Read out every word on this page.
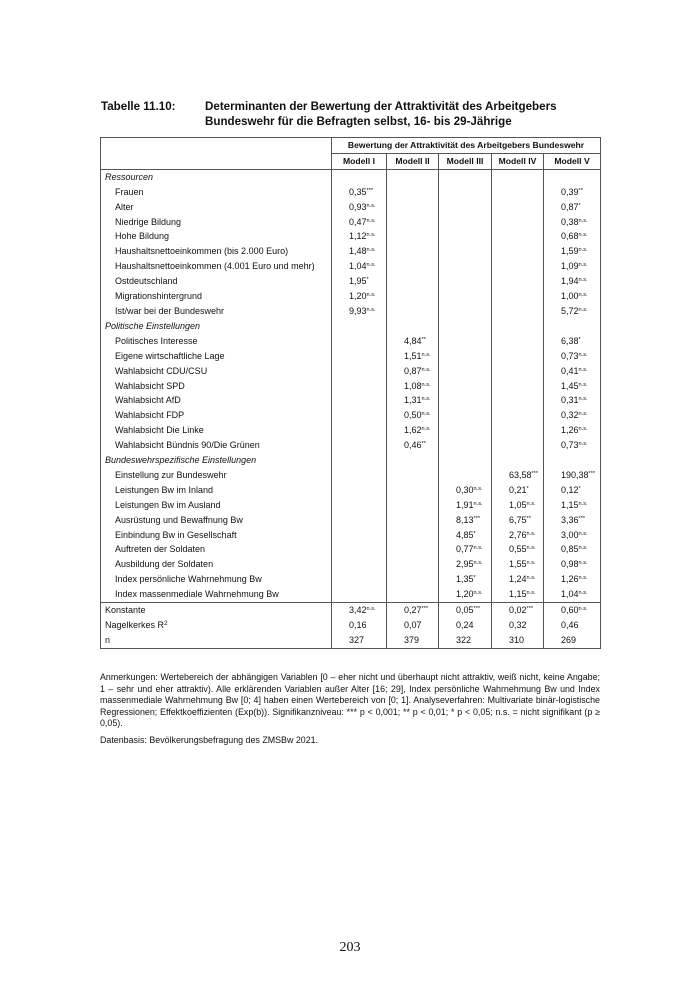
Tabelle 11.10:	Determinanten der Bewertung der Attraktivität des Arbeitgebers Bundeswehr für die Befragten selbst, 16- bis 29-Jährige
	Bewertung der Attraktivität des Arbeitgebers Bundeswehr				
	Modell I	Modell II	Modell III	Modell IV	Modell V
Ressourcen					
Frauen	0,35***				0,39**
Alter	$0,93^{n.s.}$				0,87*
Niedrige Bildung	$0,47^{n.s.}$				$0,38^{n.s.}$
Hohe Bildung	$1,12^{n.s.}$				$0,68^{n.s.}$
Haushaltsnettoeinkommen (bis 2.000 Euro)	$1,48^{n.s.}$				$1,59^{n.s.}$
Haushaltsnettoeinkommen (4.001 Euro und mehr)	$1,04^{n.s.}$				$1,09^{n.s.}$
Ostdeutschland	1,95*				$1,94^{n.s.}$
Migrationshintergrund	$1,20^{n.s.}$				$1,00^{n.s.}$
Ist/war bei der Bundeswehr	$9,93^{n.s.}$				$5,72^{n.s.}$
Politische Einstellungen					
Politisches Interesse		4,84**			6,38*
Eigene wirtschaftliche Lage		$1,51^{n.s.}$			$0,73^{n.s.}$
Wahlabsicht CDU/CSU		$0,87^{n.s.}$			$0,41^{n.s.}$
Wahlabsicht SPD		$1,08^{n.s.}$			$1,45^{n.s.}$
Wahlabsicht AfD		$1,31^{n.s.}$			$0,31^{n.s.}$
Wahlabsicht FDP		$0,50^{n.s.}$			$0,32^{n.s.}$
Wahlabsicht Die Linke		$1,62^{n.s.}$			$1,26^{n.s.}$
Wahlabsicht Bündnis 90/Die Grünen		0,46**			$0,73^{n.s.}$
Bundeswehrspezifische Einstellungen					
Einstellung zur Bundeswehr				63,58***	190,38***
Leistungen Bw im Inland			$0,30^{n.s.}$	0,21*	0,12*
Leistungen Bw im Ausland			$1,91^{n.s.}$	$1,05^{n.s.}$	$1,15^{n.s.}$
Ausrüstung und Bewaffnung Bw			8,13***	6,75**	3,36***
Einbindung Bw in Gesellschaft			4,85*	$2,76^{n.s.}$	$3,00^{n.s.}$
Auftreten der Soldaten			$0,77^{n.s.}$	$0,55^{n.s.}$	$0,85^{n.s.}$
Ausbildung der Soldaten			$2,95^{n.s.}$	$1,55^{n.s.}$	$0,98^{n.s.}$
Index persönliche Wahrnehmung Bw			1,35*	$1,24^{n.s.}$	$1,26^{n.s.}$
Index massenmediale Wahrnehmung Bw			$1,20^{n.s.}$	$1,15^{n.s.}$	$1,04^{n.s.}$
Konstante	$3,42^{n.s.}$	0,27***	0,05***	0,02***	$0,60^{n.s.}$
Nagelkerkes $R^2$	0,16	0,07	0,24	0,32	0,46
n	327	379	322	310	269
Anmerkungen: Wertebereich der abhängigen Variablen [0 – eher nicht und überhaupt nicht attraktiv, weiß nicht, keine Angabe; 1 – sehr und eher attraktiv). Alle erklärenden Variablen außer Alter [16; 29], Index persönliche Wahrnehmung Bw und Index massenmediale Wahrnehmung Bw [0; 4] haben einen Wertebereich von [0; 1]. Analyseverfahren: Multivariate binär-logistische Regressionen; Effektkoeffizienten (Exp(b)). Signifikanzniveau: *** p < 0,001; ** p < 0,01; * p < 0,05; n.s. = nicht signifikant (p ≥ 0,05).
Datenbasis: Bevölkerungsbefragung des ZMSBw 2021.
203
